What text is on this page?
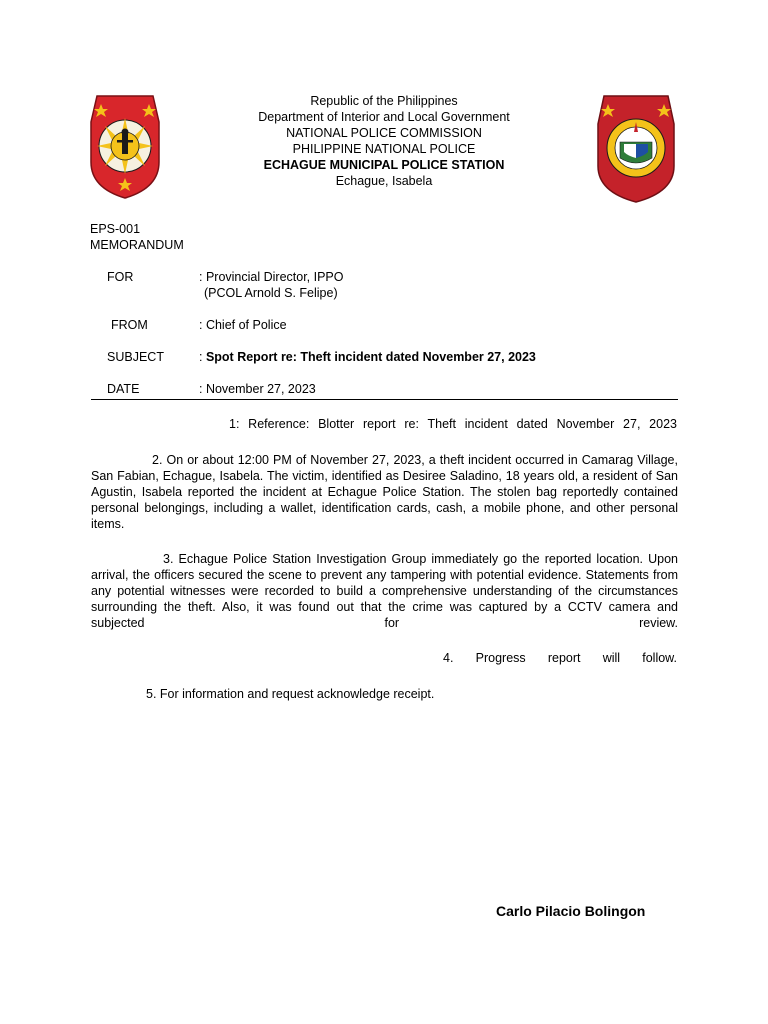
Republic of the Philippines
Department of Interior and Local Government
NATIONAL POLICE COMMISSION
PHILIPPINE NATIONAL POLICE
ECHAGUE MUNICIPAL POLICE STATION
Echague, Isabela
EPS-001
MEMORANDUM
FOR	: Provincial Director, IPPO
(PCOL Arnold S. Felipe)
FROM	: Chief of Police
SUBJECT	: Spot Report re: Theft incident dated November 27, 2023
DATE	: November 27, 2023
1: Reference: Blotter report re: Theft incident dated November 27, 2023
2. On or about 12:00 PM of November 27, 2023, a theft incident occurred in Camarag Village, San Fabian, Echague, Isabela. The victim, identified as Desiree Saladino, 18 years old, a resident of San Agustin, Isabela reported the incident at Echague Police Station. The stolen bag reportedly contained personal belongings, including a wallet, identification cards, cash, a mobile phone, and other personal items.
3. Echague Police Station Investigation Group immediately go the reported location. Upon arrival, the officers secured the scene to prevent any tampering with potential evidence. Statements from any potential witnesses were recorded to build a comprehensive understanding of the circumstances surrounding the theft. Also, it was found out that the crime was captured by a CCTV camera and subjected for review.
4. Progress report will follow.
5. For information and request acknowledge receipt.
Carlo Pilacio Bolingon
